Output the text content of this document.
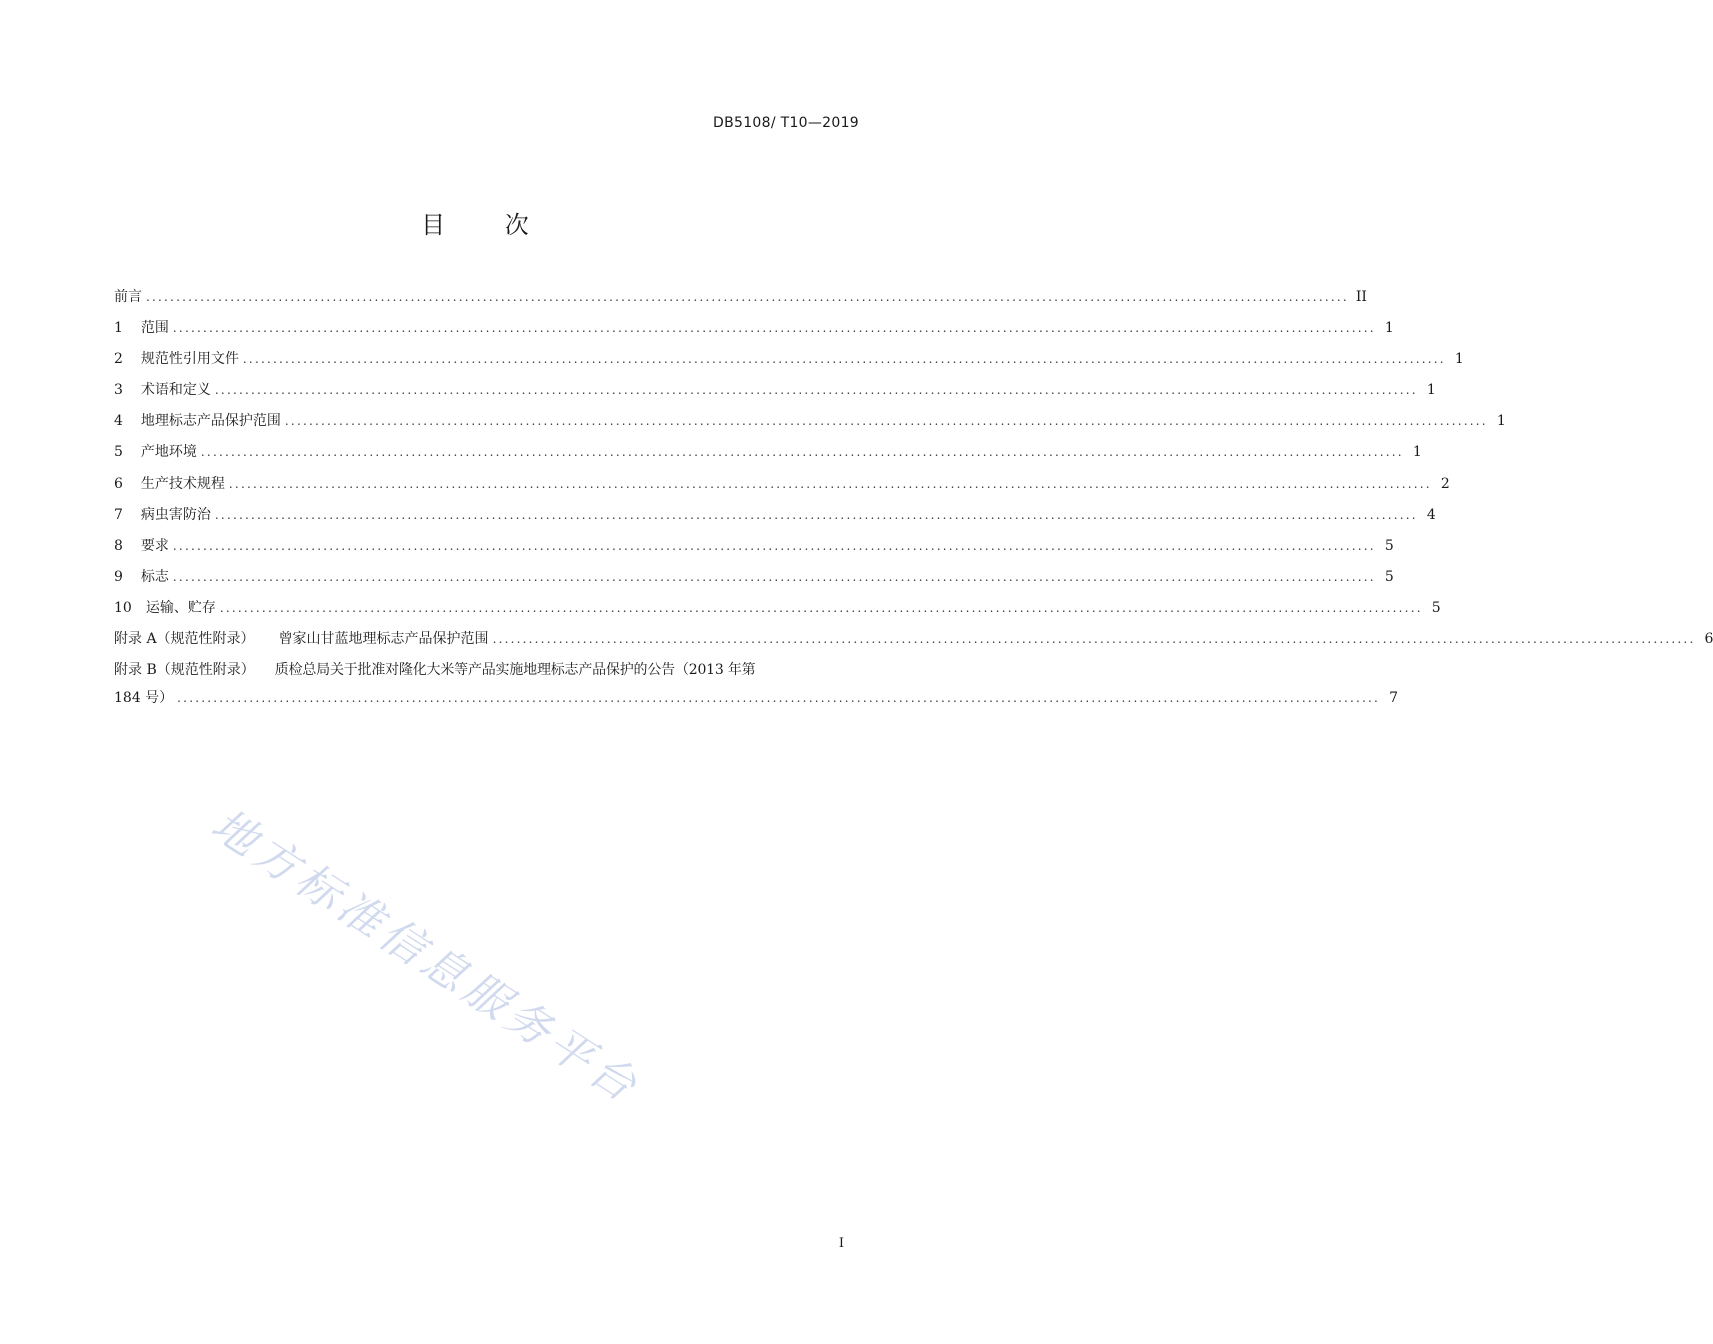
DB5108/ T10—2019
目 次
前言 ........................................................................................................................................................................................................ II
1 范围 ........................................................................................................................................................................................................ 1
2 规范性引用文件 ........................................................................................................................................................................................................ 1
3 术语和定义 ........................................................................................................................................................................................................ 1
4 地理标志产品保护范围 ........................................................................................................................................................................................................ 1
5 产地环境 ........................................................................................................................................................................................................ 1
6 生产技术规程 ........................................................................................................................................................................................................ 2
7 病虫害防治 ........................................................................................................................................................................................................ 4
8 要求 ........................................................................................................................................................................................................ 5
9 标志 ........................................................................................................................................................................................................ 5
10 运输、贮存 ........................................................................................................................................................................................................ 5
附录 A（规范性附录） 曾家山甘蓝地理标志产品保护范围 ........................................................................................................................................................................................................ 6
附录 B（规范性附录） 质检总局关于批准对隆化大米等产品实施地理标志产品保护的公告（2013 年第
184 号） ........................................................................................................................................................................................................ 7
地方标准信息服务平台
I
